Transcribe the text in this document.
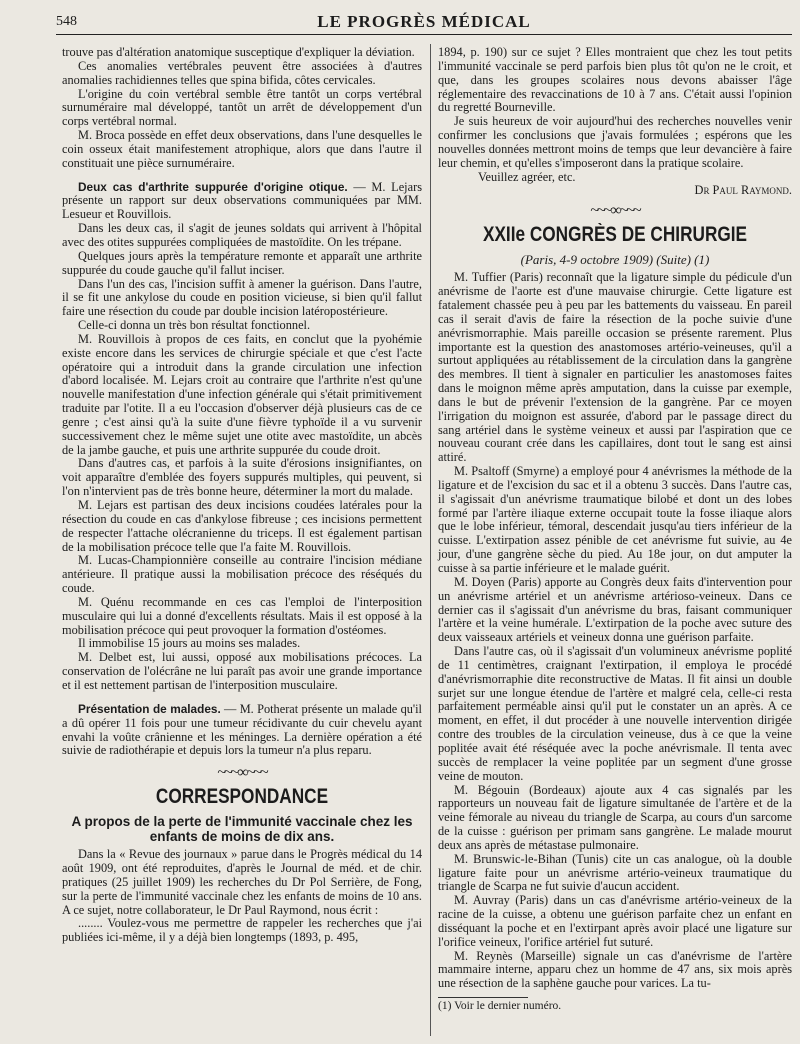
548	LE PROGRÈS MÉDICAL

trouve pas d'altération anatomique susceptique d'expliquer la déviation.

Ces anomalies vertébrales peuvent être associées à d'autres anomalies rachidiennes telles que spina bifida, côtes cervicales.

L'origine du coin vertébral semble être tantôt un corps vertébral surnuméraire mal développé, tantôt un arrêt de développement d'un corps vertébral normal.

M. Broca possède en effet deux observations, dans l'une desquelles le coin osseux était manifestement atrophique, alors que dans l'autre il constituait une pièce surnuméraire.

Deux cas d'arthrite suppurée d'origine otique. — M. Lejars présente un rapport sur deux observations communiquées par MM. Lesueur et Rouvillois.

Dans les deux cas, il s'agit de jeunes soldats qui arrivent à l'hôpital avec des otites suppurées compliquées de mastoïdite. On les trépane.

Quelques jours après la température remonte et apparaît une arthrite suppurée du coude gauche qu'il fallut inciser.

Dans l'un des cas, l'incision suffit à amener la guérison. Dans l'autre, il se fit une ankylose du coude en position vicieuse, si bien qu'il fallut faire une résection du coude par double incision latéropostérieure.

Celle-ci donna un très bon résultat fonctionnel.

M. Rouvillois à propos de ces faits, en conclut que la pyohémie existe encore dans les services de chirurgie spéciale et que c'est l'acte opératoire qui a introduit dans la grande circulation une infection d'abord localisée. M. Lejars croit au contraire que l'arthrite n'est qu'une nouvelle manifestation d'une infection générale qui s'était primitivement traduite par l'otite. Il a eu l'occasion d'observer déjà plusieurs cas de ce genre ; c'est ainsi qu'à la suite d'une fièvre typhoïde il a vu survenir successivement chez le même sujet une otite avec mastoïdite, un abcès de la jambe gauche, et puis une arthrite suppurée du coude droit.

Dans d'autres cas, et parfois à la suite d'érosions insignifiantes, on voit apparaître d'emblée des foyers suppurés multiples, qui peuvent, si l'on n'intervient pas de très bonne heure, déterminer la mort du malade.

M. Lejars est partisan des deux incisions coudées latérales pour la résection du coude en cas d'ankylose fibreuse ; ces incisions permettent de respecter l'attache olécranienne du triceps. Il est également partisan de la mobilisation précoce telle que l'a faite M. Rouvillois.

M. Lucas-Championnière conseille au contraire l'incision médiane antérieure. Il pratique aussi la mobilisation précoce des réséqués du coude.

M. Quénu recommande en ces cas l'emploi de l'interposition musculaire qui lui a donné d'excellents résultats. Mais il est opposé à la mobilisation précoce qui peut provoquer la formation d'ostéomes.

Il immobilise 15 jours au moins ses malades.

M. Delbet est, lui aussi, opposé aux mobilisations précoces. La conservation de l'olécrâne ne lui paraît pas avoir une grande importance et il est nettement partisan de l'interposition musculaire.

Présentation de malades. — M. Potherat présente un malade qu'il a dû opérer 11 fois pour une tumeur récidivante du cuir chevelu ayant envahi la voûte crânienne et les méninges. La dernière opération a été suivie de radiothérapie et depuis lors la tumeur n'a plus reparu.

~~~∞~~~
CORRESPONDANCE
A propos de la perte de l'immunité vaccinale chez les enfants de moins de dix ans.

Dans la « Revue des journaux » parue dans le Progrès médical du 14 août 1909, ont été reproduites, d'après le Journal de méd. et de chir. pratiques (25 juillet 1909) les recherches du Dr Pol Serrière, de Fong, sur la perte de l'immunité vaccinale chez les enfants de moins de 10 ans. A ce sujet, notre collaborateur, le Dr Paul Raymond, nous écrit :

........ Voulez-vous me permettre de rappeler les recherches que j'ai publiées ici-même, il y a déjà bien longtemps (1893, p. 495,

1894, p. 190) sur ce sujet ? Elles montraient que chez les tout petits l'immunité vaccinale se perd parfois bien plus tôt qu'on ne le croit, et que, dans les groupes scolaires nous devons abaisser l'âge réglementaire des revaccinations de 10 à 7 ans. C'était aussi l'opinion du regretté Bourneville.

Je suis heureux de voir aujourd'hui des recherches nouvelles venir confirmer les conclusions que j'avais formulées ; espérons que les nouvelles données mettront moins de temps que leur devancière à faire leur chemin, et qu'elles s'imposeront dans la pratique scolaire.

Veuillez agréer, etc.

Dr Paul Raymond.

~~~∞~~~
XXIIe CONGRÈS DE CHIRURGIE
(Paris, 4-9 octobre 1909) (Suite) (1)

M. Tuffier (Paris) reconnaît que la ligature simple du pédicule d'un anévrisme de l'aorte est d'une mauvaise chirurgie. Cette ligature est fatalement chassée peu à peu par les battements du vaisseau. En pareil cas il serait d'avis de faire la résection de la poche suivie d'une anévrismorraphie. Mais pareille occasion se présente rarement. Plus importante est la question des anastomoses artério-veineuses, qu'il a surtout appliquées au rétablissement de la circulation dans la gangrène des membres. Il tient à signaler en particulier les anastomoses faites dans le moignon même après amputation, dans la cuisse par exemple, dans le but de prévenir l'extension de la gangrène. Par ce moyen l'irrigation du moignon est assurée, d'abord par le passage direct du sang artériel dans le système veineux et aussi par l'aspiration que ce nouveau courant crée dans les capillaires, dont tout le sang est ainsi attiré.

M. Psaltoff (Smyrne) a employé pour 4 anévrismes la méthode de la ligature et de l'excision du sac et il a obtenu 3 succès. Dans l'autre cas, il s'agissait d'un anévrisme traumatique bilobé et dont un des lobes formé par l'artère iliaque externe occupait toute la fosse iliaque alors que le lobe inférieur, témoral, descendait jusqu'au tiers inférieur de la cuisse. L'extirpation assez pénible de cet anévrisme fut suivie, au 4e jour, d'une gangrène sèche du pied. Au 18e jour, on dut amputer la cuisse à sa partie inférieure et le malade guérit.

M. Doyen (Paris) apporte au Congrès deux faits d'intervention pour un anévrisme artériel et un anévrisme artérioso-veineux. Dans ce dernier cas il s'agissait d'un anévrisme du bras, faisant communiquer l'artère et la veine humérale. L'extirpation de la poche avec suture des deux vaisseaux artériels et veineux donna une guérison parfaite.

Dans l'autre cas, où il s'agissait d'un volumineux anévrisme poplité de 11 centimètres, craignant l'extirpation, il employa le procédé d'anévrismorraphie dite reconstructive de Matas. Il fit ainsi un double surjet sur une longue étendue de l'artère et malgré cela, celle-ci resta parfaitement perméable ainsi qu'il put le constater un an après. A ce moment, en effet, il dut procéder à une nouvelle intervention dirigée contre des troubles de la circulation veineuse, dus à ce que la veine poplitée avait été réséquée avec la poche anévrismale. Il tenta avec succès de remplacer la veine poplitée par un segment d'une grosse veine de mouton.

M. Bégouin (Bordeaux) ajoute aux 4 cas signalés par les rapporteurs un nouveau fait de ligature simultanée de l'artère et de la veine fémorale au niveau du triangle de Scarpa, au cours d'un sarcome de la cuisse : guérison per primam sans gangrène. Le malade mourut deux ans après de métastase pulmonaire.

M. Brunswic-le-Bihan (Tunis) cite un cas analogue, où la double ligature faite pour un anévrisme artério-veineux traumatique du triangle de Scarpa ne fut suivie d'aucun accident.

M. Auvray (Paris) dans un cas d'anévrisme artério-veineux de la racine de la cuisse, a obtenu une guérison parfaite chez un enfant en disséquant la poche et en l'extirpant après avoir placé une ligature sur l'orifice veineux, l'orifice artériel fut suturé.

M. Reynès (Marseille) signale un cas d'anévrisme de l'artère mammaire interne, apparu chez un homme de 47 ans, six mois après une résection de la saphène gauche pour varices. La tu-

(1) Voir le dernier numéro.
